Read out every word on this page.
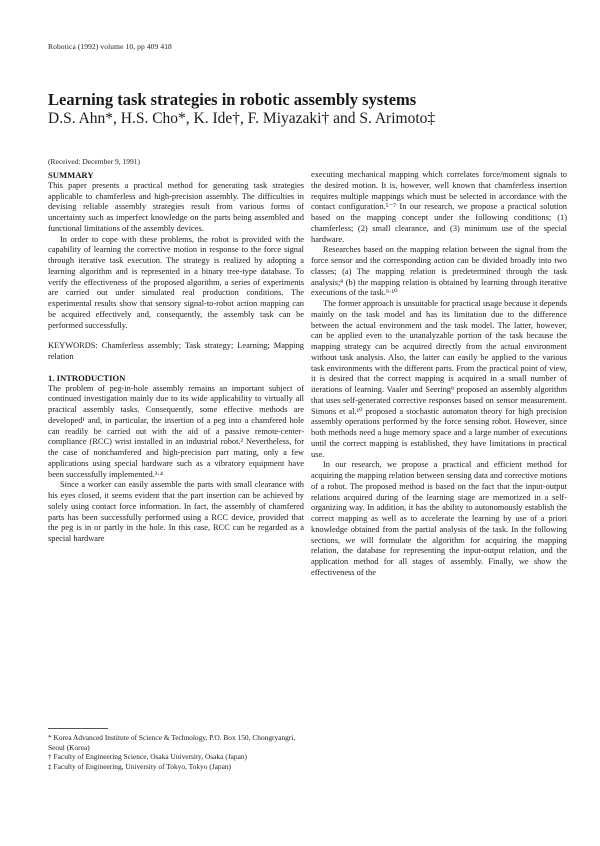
Robotica (1992) volume 10, pp 409 418
Learning task strategies in robotic assembly systems
D.S. Ahn*, H.S. Cho*, K. Ide†, F. Miyazaki† and S. Arimoto‡
(Received: December 9, 1991)

SUMMARY

This paper presents a practical method for generating task strategies applicable to chamferless and high-precision assembly. The difficulties in devising reliable assembly strategies result from various forms of uncertainty such as imperfect knowledge on the parts being assembled and functional limitations of the assembly devices.

In order to cope with these problems, the robot is provided with the capability of learning the corrective motion in response to the force signal through iterative task execution. The strategy is realized by adopting a learning algorithm and is represented in a binary tree-type database. To verify the effectiveness of the proposed algorithm, a series of experiments are carried out under simulated real production conditions. The experimental results show that sensory signal-to-robot action mapping can be acquired effectively and, consequently, the assembly task can be performed successfully.

KEYWORDS: Chamferless assembly; Task strategy; Learning; Mapping relation

1. INTRODUCTION

The problem of peg-in-hole assembly remains an important subject of continued investigation mainly due to its wide applicability to virtually all practical assembly tasks. Consequently, some effective methods are developed¹ and, in particular, the insertion of a peg into a chamfered hole can readily be carried out with the aid of a passive remote-center-compliance (RCC) wrist installed in an industrial robot.² Nevertheless, for the case of nonchamfered and high-precision part mating, only a few applications using special hardware such as a vibratory equipment have been successfully implemented.³·⁴

Since a worker can easily assemble the parts with small clearance with his eyes closed, it seems evident that the part insertion can be achieved by solely using contact force information. In fact, the assembly of chamfered parts has been successfully performed using a RCC device, provided that the peg is in or partly in the hole. In this case, RCC can be regarded as a special hardware

* Korea Advanced Institute of Science & Technology, P.O. Box 150, Chongryangri, Seoul (Korea)

† Faculty of Engineering Science, Osaka University, Osaka (Japan)

‡ Faculty of Engineering, University of Tokyo, Tokyo (Japan)

executing mechanical mapping which correlates force/moment signals to the desired motion. It is, however, well known that chamferless insertion requires multiple mappings which must be selected in accordance with the contact configuration.⁵⁻⁷ In our research, we propose a practical solution based on the mapping concept under the following conditions; (1) chamferless; (2) small clearance, and (3) minimum use of the special hardware.

Researches based on the mapping relation between the signal from the force sensor and the corresponding action can be divided broadly into two classes; (a) The mapping relation is predetermined through the task analysis;⁸ (b) the mapping relation is obtained by learning through iterative executions of the task.⁹·¹⁰

The former approach is unsuitable for practical usage because it depends mainly on the task model and has its limitation due to the difference between the actual environment and the task model. The latter, however, can be applied even to the unanalyzable portion of the task because the mapping strategy can be acquired directly from the actual environment without task analysis. Also, the latter can easily be applied to the various task environments with the different parts. From the practical point of view, it is desired that the correct mapping is acquired in a small number of iterations of learning. Vaaler and Seering⁹ proposed an assembly algorithm that uses self-generated corrective responses based on sensor measurement. Simons et al.¹⁰ proposed a stochastic automaton theory for high precision assembly operations performed by the force sensing robot. However, since both methods need a huge memory space and a large number of executions until the correct mapping is established, they have limitations in practical use.

In our research, we propose a practical and efficient method for acquiring the mapping relation between sensing data and corrective motions of a robot. The proposed method is based on the fact that the input-output relations acquired during of the learning stage are memorized in a self-organizing way. In addition, it has the ability to autonomously establish the correct mapping as well as to accelerate the learning by use of a priori knowledge obtained from the partial analysis of the task. In the following sections, we will formulate the algorithm for acquiring the mapping relation, the database for representing the input-output relation, and the application method for all stages of assembly. Finally, we show the effectiveness of the
